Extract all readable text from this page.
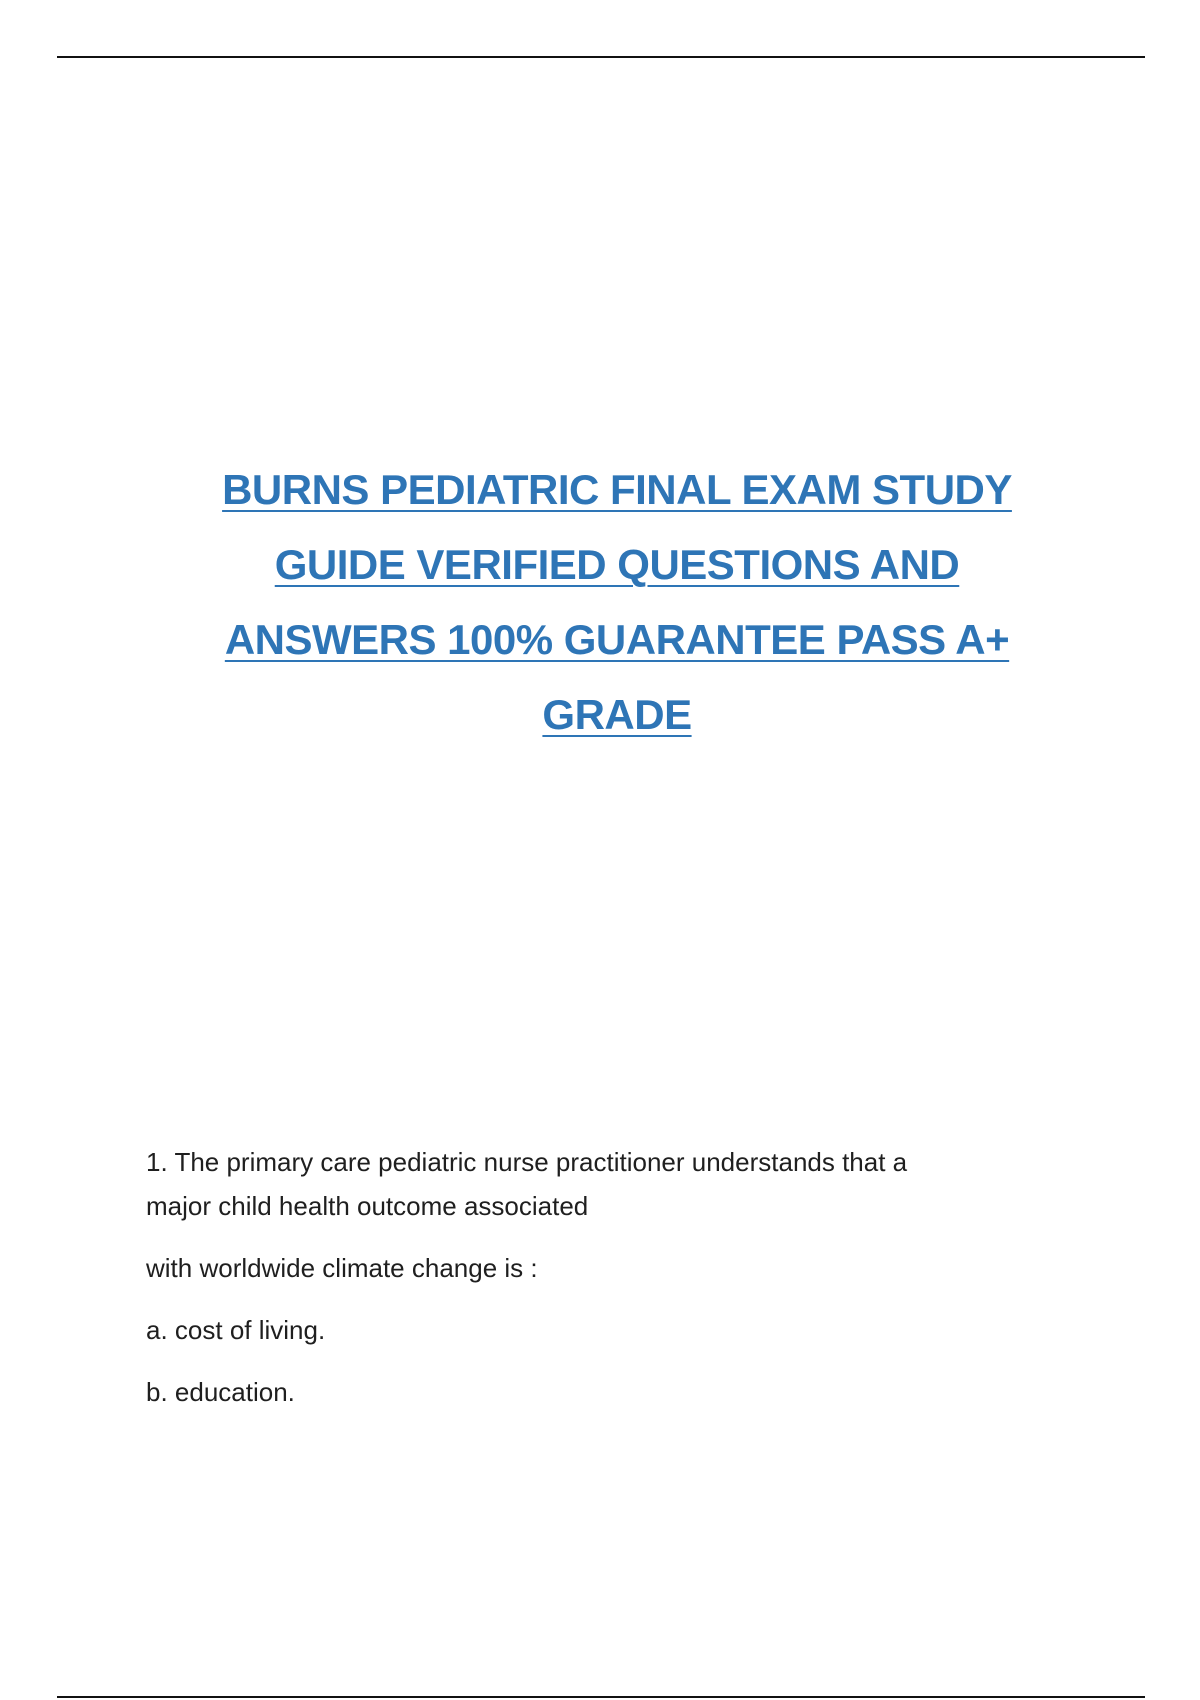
BURNS PEDIATRIC FINAL EXAM STUDY
GUIDE VERIFIED QUESTIONS AND
ANSWERS 100% GUARANTEE PASS A+
GRADE
1. The primary care pediatric nurse practitioner understands that a
major child health outcome associated
with worldwide climate change is :
a. cost of living.
b. education.
